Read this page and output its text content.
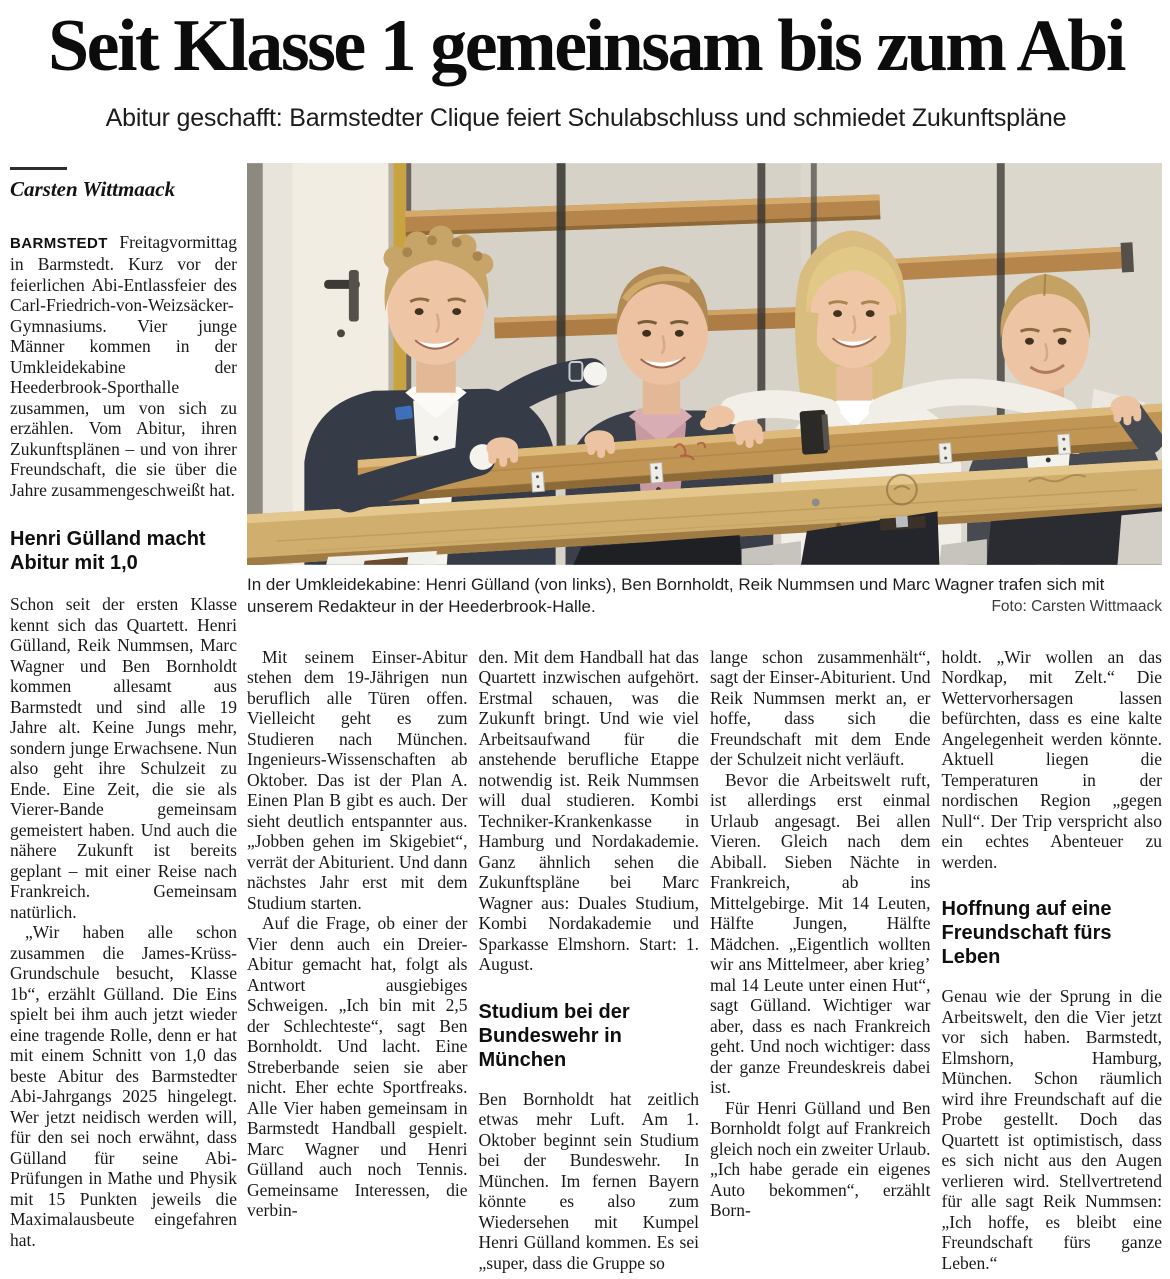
Seit Klasse 1 gemeinsam bis zum Abi

Abitur geschafft: Barmstedter Clique feiert Schulabschluss und schmiedet Zukunftspläne

Carsten Wittmaack

BARMSTEDT Freitagvormittag in Barmstedt. Kurz vor der feierlichen Abi-Entlassfeier des Carl-Friedrich-von-Weizsäcker-Gymnasiums. Vier junge Männer kommen in der Umkleidekabine der Heederbrook-Sporthalle zusammen, um von sich zu erzählen. Vom Abitur, ihren Zukunftsplänen – und von ihrer Freundschaft, die sie über die Jahre zusammengeschweißt hat.

Henri Gülland macht Abitur mit 1,0

Schon seit der ersten Klasse kennt sich das Quartett. Henri Gülland, Reik Nummsen, Marc Wagner und Ben Bornholdt kommen allesamt aus Barmstedt und sind alle 19 Jahre alt. Keine Jungs mehr, sondern junge Erwachsene. Nun also geht ihre Schulzeit zu Ende. Eine Zeit, die sie als Vierer-Bande gemeinsam gemeistert haben. Und auch die nähere Zukunft ist bereits geplant – mit einer Reise nach Frankreich. Gemeinsam natürlich.

„Wir haben alle schon zusammen die James-Krüss-Grundschule besucht, Klasse 1b“, erzählt Gülland. Die Eins spielt bei ihm auch jetzt wieder eine tragende Rolle, denn er hat mit einem Schnitt von 1,0 das beste Abitur des Barmstedter Abi-Jahrgangs 2025 hingelegt. Wer jetzt neidisch werden will, für den sei noch erwähnt, dass Gülland für seine Abi-Prüfungen in Mathe und Physik mit 15 Punkten jeweils die Maximalausbeute eingefahren hat.

In der Umkleidekabine: Henri Gülland (von links), Ben Bornholdt, Reik Nummsen und Marc Wagner trafen sich mit unserem Redakteur in der Heederbrook-Halle.	Foto: Carsten Wittmaack

Mit seinem Einser-Abitur stehen dem 19-Jährigen nun beruflich alle Türen offen. Vielleicht geht es zum Studieren nach München. Ingenieurs-Wissenschaften ab Oktober. Das ist der Plan A. Einen Plan B gibt es auch. Der sieht deutlich entspannter aus. „Jobben gehen im Skigebiet“, verrät der Abiturient. Und dann nächstes Jahr erst mit dem Studium starten.

Auf die Frage, ob einer der Vier denn auch ein Dreier-Abitur gemacht hat, folgt als Antwort ausgiebiges Schweigen. „Ich bin mit 2,5 der Schlechteste“, sagt Ben Bornholdt. Und lacht. Eine Streberbande seien sie aber nicht. Eher echte Sportfreaks. Alle Vier haben gemeinsam in Barmstedt Handball gespielt. Marc Wagner und Henri Gülland auch noch Tennis. Gemeinsame Interessen, die verbin-

den. Mit dem Handball hat das Quartett inzwischen aufgehört. Erstmal schauen, was die Zukunft bringt. Und wie viel Arbeitsaufwand für die anstehende berufliche Etappe notwendig ist. Reik Nummsen will dual studieren. Kombi Techniker-Krankenkasse in Hamburg und Nordakademie. Ganz ähnlich sehen die Zukunftspläne bei Marc Wagner aus: Duales Studium, Kombi Nordakademie und Sparkasse Elmshorn. Start: 1. August.

Studium bei der Bundeswehr in München

Ben Bornholdt hat zeitlich etwas mehr Luft. Am 1. Oktober beginnt sein Studium bei der Bundeswehr. In München. Im fernen Bayern könnte es also zum Wiedersehen mit Kumpel Henri Gülland kommen. Es sei „super, dass die Gruppe so

lange schon zusammenhält“, sagt der Einser-Abiturient. Und Reik Nummsen merkt an, er hoffe, dass sich die Freundschaft mit dem Ende der Schulzeit nicht verläuft.

Bevor die Arbeitswelt ruft, ist allerdings erst einmal Urlaub angesagt. Bei allen Vieren. Gleich nach dem Abiball. Sieben Nächte in Frankreich, ab ins Mittelgebirge. Mit 14 Leuten, Hälfte Jungen, Hälfte Mädchen. „Eigentlich wollten wir ans Mittelmeer, aber krieg’ mal 14 Leute unter einen Hut“, sagt Gülland. Wichtiger war aber, dass es nach Frankreich geht. Und noch wichtiger: dass der ganze Freundeskreis dabei ist.

Für Henri Gülland und Ben Bornholdt folgt auf Frankreich gleich noch ein zweiter Urlaub. „Ich habe gerade ein eigenes Auto bekommen“, erzählt Born-

holdt. „Wir wollen an das Nordkap, mit Zelt.“ Die Wettervorhersagen lassen befürchten, dass es eine kalte Angelegenheit werden könnte. Aktuell liegen die Temperaturen in der nordischen Region „gegen Null“. Der Trip verspricht also ein echtes Abenteuer zu werden.

Hoffnung auf eine Freundschaft fürs Leben

Genau wie der Sprung in die Arbeitswelt, den die Vier jetzt vor sich haben. Barmstedt, Elmshorn, Hamburg, München. Schon räumlich wird ihre Freundschaft auf die Probe gestellt. Doch das Quartett ist optimistisch, dass es sich nicht aus den Augen verlieren wird. Stellvertretend für alle sagt Reik Nummsen: „Ich hoffe, es bleibt eine Freundschaft fürs ganze Leben.“
